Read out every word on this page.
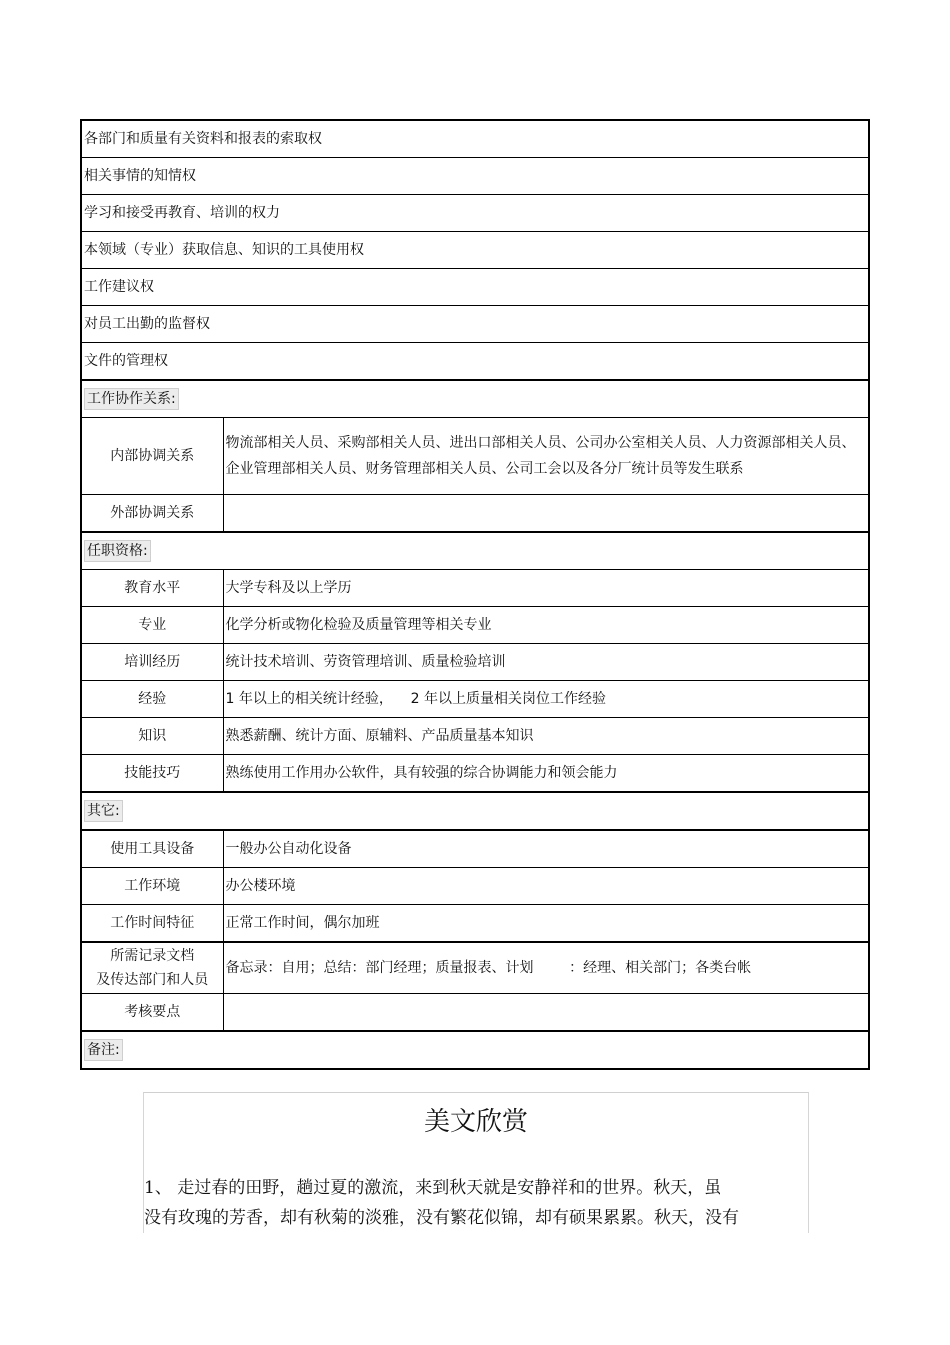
各部门和质量有关资料和报表的索取权	
相关事情的知情权	
学习和接受再教育、培训的权力	
本领域（专业）获取信息、知识的工具使用权	
工作建议权	
对员工出勤的监督权	
文件的管理权	
工作协作关系:	
内部协调关系	物流部相关人员、采购部相关人员、进出口部相关人员、公司办公室相关人员、人力资源部相关人员、企业管理部相关人员、财务管理部相关人员、公司工会以及各分厂统计员等发生联系
外部协调关系	
任职资格:	
教育水平	大学专科及以上学历
专业	化学分析或物化检验及质量管理等相关专业
培训经历	统计技术培训、劳资管理培训、质量检验培训
经验	1 年以上的相关统计经验，    2 年以上质量相关岗位工作经验
知识	熟悉薪酬、统计方面、原辅料、产品质量基本知识
技能技巧	熟练使用工作用办公软件，具有较强的综合协调能力和领会能力
其它:	
使用工具设备	一般办公自动化设备
工作环境	办公楼环境
工作时间特征	正常工作时间，偶尔加班

所需记录文档
及传达部门和人员	备忘录：自用；总结：部门经理；质量报表、计划        ：经理、相关部门；各类台帐
考核要点	
备注:	
美文欣赏
1、 走过春的田野，趟过夏的激流，来到秋天就是安静祥和的世界。秋天，虽
没有玫瑰的芳香，却有秋菊的淡雅，没有繁花似锦，却有硕果累累。秋天，没有
